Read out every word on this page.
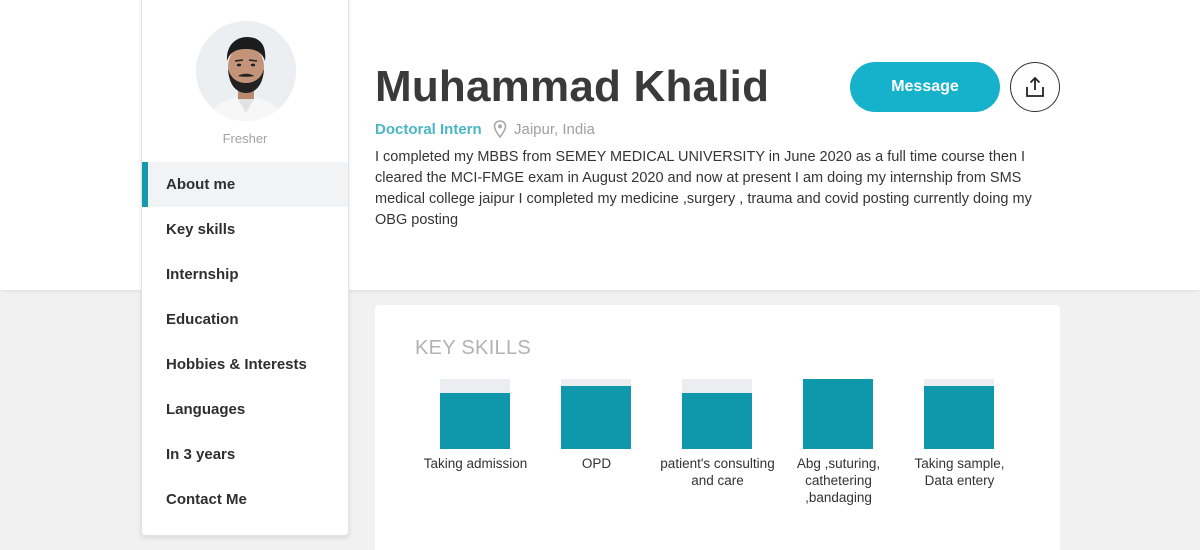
Fresher
About me
Key skills
Internship
Education
Hobbies & Interests
Languages
In 3 years
Contact Me
Muhammad Khalid
Doctoral Intern Jaipur, India
I completed my MBBS from SEMEY MEDICAL UNIVERSITY in June 2020 as a full time course then I cleared the MCI-FMGE exam in August 2020 and now at present I am doing my internship from SMS medical college jaipur I completed my medicine ,surgery , trauma and covid posting currently doing my OBG posting
Message
KEY SKILLS
Taking admission	OPD	patient's consulting and care
Abg ,suturing, cathetering ,bandaging
Taking sample, Data entery
